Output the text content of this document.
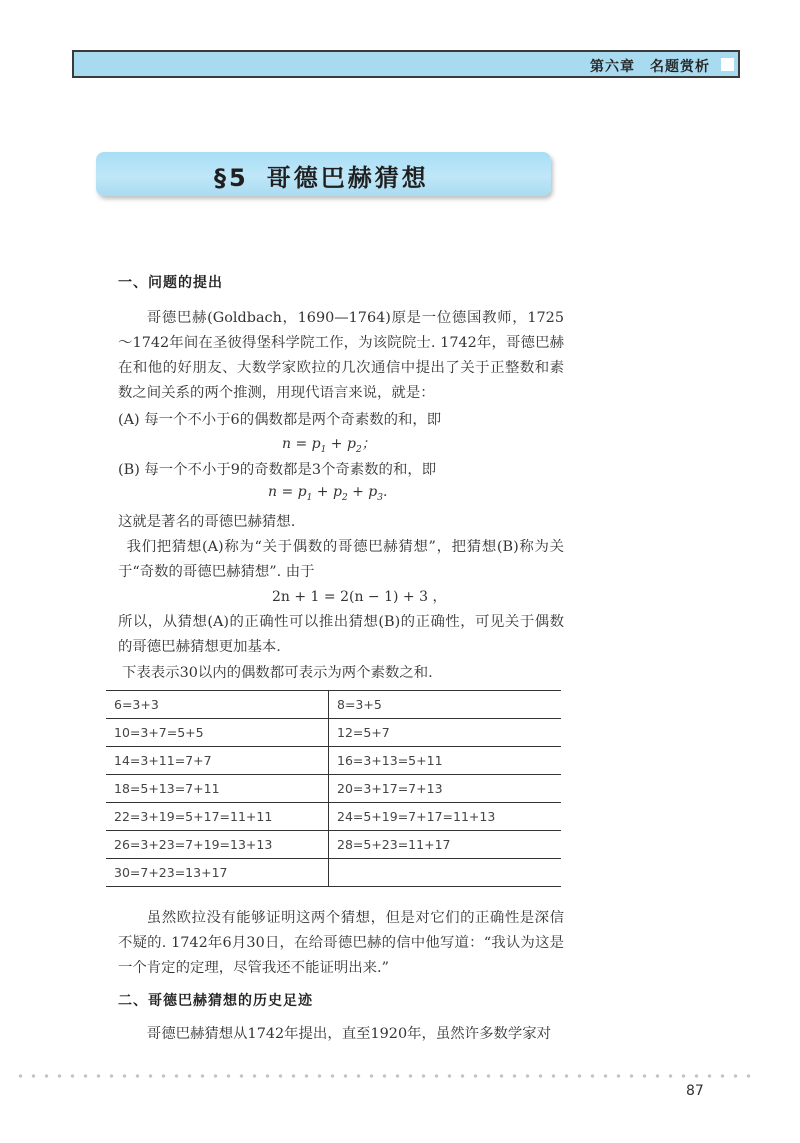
第六章　名题赏析
§5 哥德巴赫猜想
一、问题的提出
哥德巴赫(Goldbach，1690—1764)原是一位德国教师，1725～1742年间在圣彼得堡科学院工作，为该院院士. 1742年，哥德巴赫在和他的好朋友、大数学家欧拉的几次通信中提出了关于正整数和素数之间关系的两个推测，用现代语言来说，就是：
(A) 每一个不小于6的偶数都是两个奇素数的和，即
$n = p_1 + p_2$；
(B) 每一个不小于9的奇数都是3个奇素数的和，即
$n = p_1 + p_2 + p_3$.
这就是著名的哥德巴赫猜想.
我们把猜想(A)称为“关于偶数的哥德巴赫猜想”，把猜想(B)称为关于“奇数的哥德巴赫猜想”. 由于
2n + 1 = 2(n − 1) + 3 ，
所以，从猜想(A)的正确性可以推出猜想(B)的正确性，可见关于偶数的哥德巴赫猜想更加基本.
下表表示30以内的偶数都可表示为两个素数之和.
6=3+3	8=3+5
10=3+7=5+5	12=5+7
14=3+11=7+7	16=3+13=5+11
18=5+13=7+11	20=3+17=7+13
22=3+19=5+17=11+11	24=5+19=7+17=11+13
26=3+23=7+19=13+13	28=5+23=11+17
30=7+23=13+17	
虽然欧拉没有能够证明这两个猜想，但是对它们的正确性是深信不疑的. 1742年6月30日，在给哥德巴赫的信中他写道：“我认为这是一个肯定的定理，尽管我还不能证明出来.”
二、哥德巴赫猜想的历史足迹
哥德巴赫猜想从1742年提出，直至1920年，虽然许多数学家对
87
